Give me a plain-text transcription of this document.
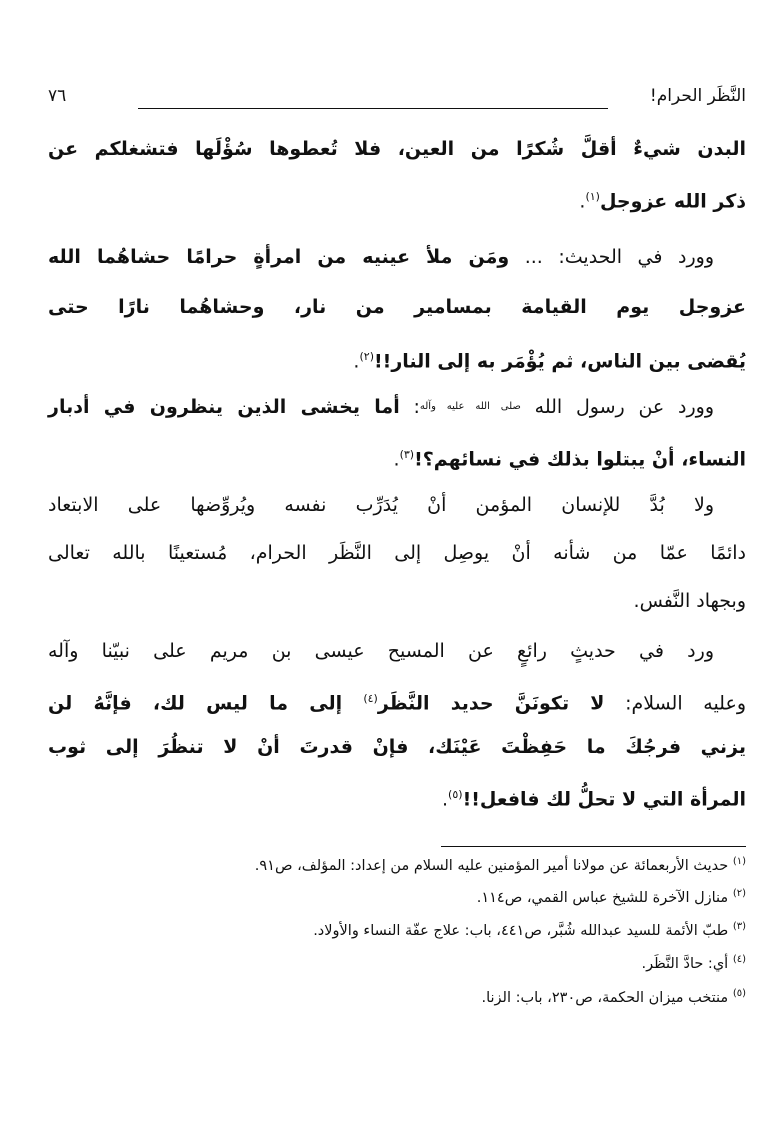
النَّظَر الحرام!
٧٦
البدن شيءٌ أقلَّ شُكرًا من العين، فلا تُعطوها سُؤْلَها فتشغلكم عن
ذكر الله عزوجل$^{(١)}$.
وورد في الحديث: ... ومَن ملأ عينيه من امرأةٍ حرامًا حشاهُما الله
عزوجل يوم القيامة بمسامير من نار، وحشاهُما نارًا حتى
يُقضى بين الناس، ثم يُؤْمَر به إلى النار!!$^{(٢)}$.
وورد عن رسول الله $^{صلى الله عليه وآله}$: أما يخشى الذين ينظرون في أدبار
النساء، أنْ يبتلوا بذلك في نسائهم؟!$^{(٣)}$.
ولا بُدَّ للإنسان المؤمن أنْ يُدَرِّب نفسه ويُروِّضها على الابتعاد
دائمًا عمّا من شأنه أنْ يوصِل إلى النَّظَر الحرام، مُستعينًا بالله تعالى
وبجهاد النَّفس.
ورد في حديثٍ رائعٍ عن المسيح عيسى بن مريم على نبيّنا وآله
وعليه السلام: لا تكونَنَّ حديد النَّظَر$^{(٤)}$ إلى ما ليس لك، فإنَّهُ لن
يزني فرجُكَ ما حَفِظْتَ عَيْنَك، فإنْ قدرتَ أنْ لا تنظُرَ إلى ثوب
المرأة التي لا تحلُّ لك فافعل!!$^{(٥)}$.
$^{(١)}$ حديث الأربعمائة عن مولانا أمير المؤمنين عليه السلام من إعداد: المؤلف، ص٩١.
$^{(٢)}$ منازل الآخرة للشيخ عباس القمي، ص١١٤.
$^{(٣)}$ طبّ الأئمة للسيد عبدالله شُبَّر، ص٤٤١، باب: علاج عفّة النساء والأولاد.
$^{(٤)}$ أي: حادَّ النَّظَر.
$^{(٥)}$ منتخب ميزان الحكمة، ص٢٣٠، باب: الزنا.
